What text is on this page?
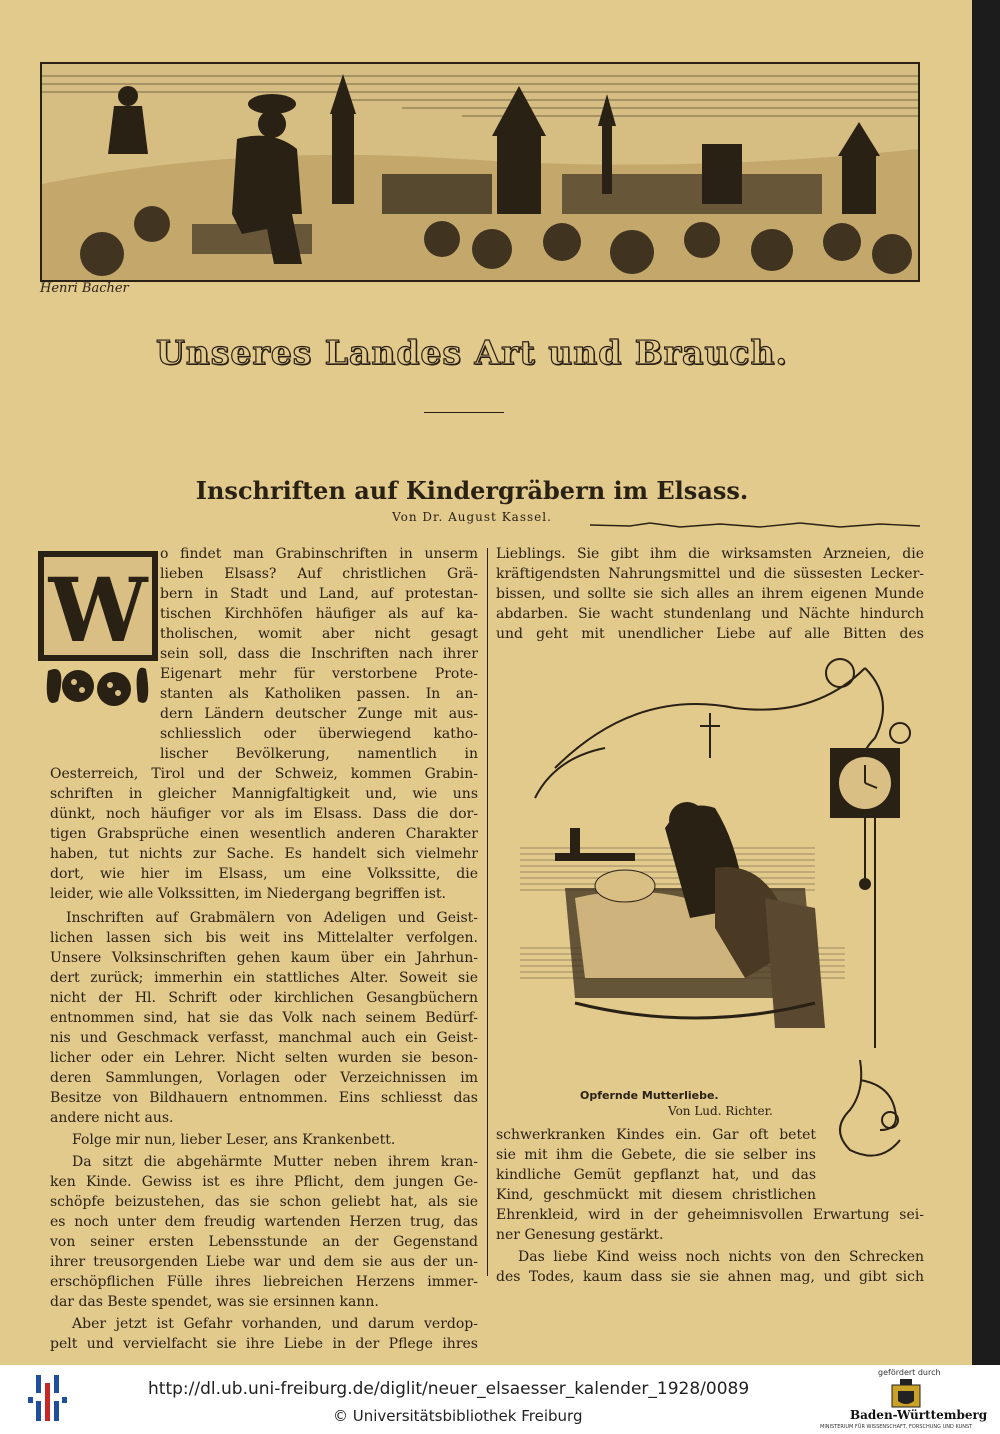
Henri Bacher
Unseres Landes Art und Brauch.
Inschriften auf Kindergräbern im Elsass.
Von Dr. August Kassel.
W
o findet man Grabinschriften in unserm
lieben Elsass? Auf christlichen Grä-
bern in Stadt und Land, auf protestan-
tischen Kirchhöfen häufiger als auf ka-
tholischen, womit aber nicht gesagt
sein soll, dass die Inschriften nach ihrer
Eigenart mehr für verstorbene Prote-
stanten als Katholiken passen. In an-
dern Ländern deutscher Zunge mit aus-
schliesslich oder überwiegend katho-
lischer Bevölkerung, namentlich in
Oesterreich, Tirol und der Schweiz, kommen Grabin-
schriften in gleicher Mannigfaltigkeit und, wie uns
dünkt, noch häufiger vor als im Elsass. Dass die dor-
tigen Grabsprüche einen wesentlich anderen Charakter
haben, tut nichts zur Sache. Es handelt sich vielmehr
dort, wie hier im Elsass, um eine Volkssitte, die
leider, wie alle Volkssitten, im Niedergang begriffen ist.
Inschriften auf Grabmälern von Adeligen und Geist-
lichen lassen sich bis weit ins Mittelalter verfolgen.
Unsere Volksinschriften gehen kaum über ein Jahrhun-
dert zurück; immerhin ein stattliches Alter. Soweit sie
nicht der Hl. Schrift oder kirchlichen Gesangbüchern
entnommen sind, hat sie das Volk nach seinem Bedürf-
nis und Geschmack verfasst, manchmal auch ein Geist-
licher oder ein Lehrer. Nicht selten wurden sie beson-
deren Sammlungen, Vorlagen oder Verzeichnissen im
Besitze von Bildhauern entnommen. Eins schliesst das
andere nicht aus.
Folge mir nun, lieber Leser, ans Krankenbett.
Da sitzt die abgehärmte Mutter neben ihrem kran-
ken Kinde. Gewiss ist es ihre Pflicht, dem jungen Ge-
schöpfe beizustehen, das sie schon geliebt hat, als sie
es noch unter dem freudig wartenden Herzen trug, das
von seiner ersten Lebensstunde an der Gegenstand
ihrer treusorgenden Liebe war und dem sie aus der un-
erschöpflichen Fülle ihres liebreichen Herzens immer-
dar das Beste spendet, was sie ersinnen kann.
Aber jetzt ist Gefahr vorhanden, und darum verdop-
pelt und vervielfacht sie ihre Liebe in der Pflege ihres
Lieblings. Sie gibt ihm die wirksamsten Arzneien, die
kräftigendsten Nahrungsmittel und die süssesten Lecker-
bissen, und sollte sie sich alles an ihrem eigenen Munde
abdarben. Sie wacht stundenlang und Nächte hindurch
und geht mit unendlicher Liebe auf alle Bitten des
Opfernde Mutterliebe.
Von Lud. Richter.
schwerkranken Kindes ein. Gar oft betet
sie mit ihm die Gebete, die sie selber ins
kindliche Gemüt gepflanzt hat, und das
Kind, geschmückt mit diesem christlichen
Ehrenkleid, wird in der geheimnisvollen Erwartung sei-
ner Genesung gestärkt.
Das liebe Kind weiss noch nichts von den Schrecken
des Todes, kaum dass sie sie ahnen mag, und gibt sich
http://dl.ub.uni-freiburg.de/diglit/neuer_elsaesser_kalender_1928/0089
© Universitätsbibliothek Freiburg
gefördert durch
Baden-Württemberg
MINISTERIUM FÜR WISSENSCHAFT, FORSCHUNG UND KUNST
